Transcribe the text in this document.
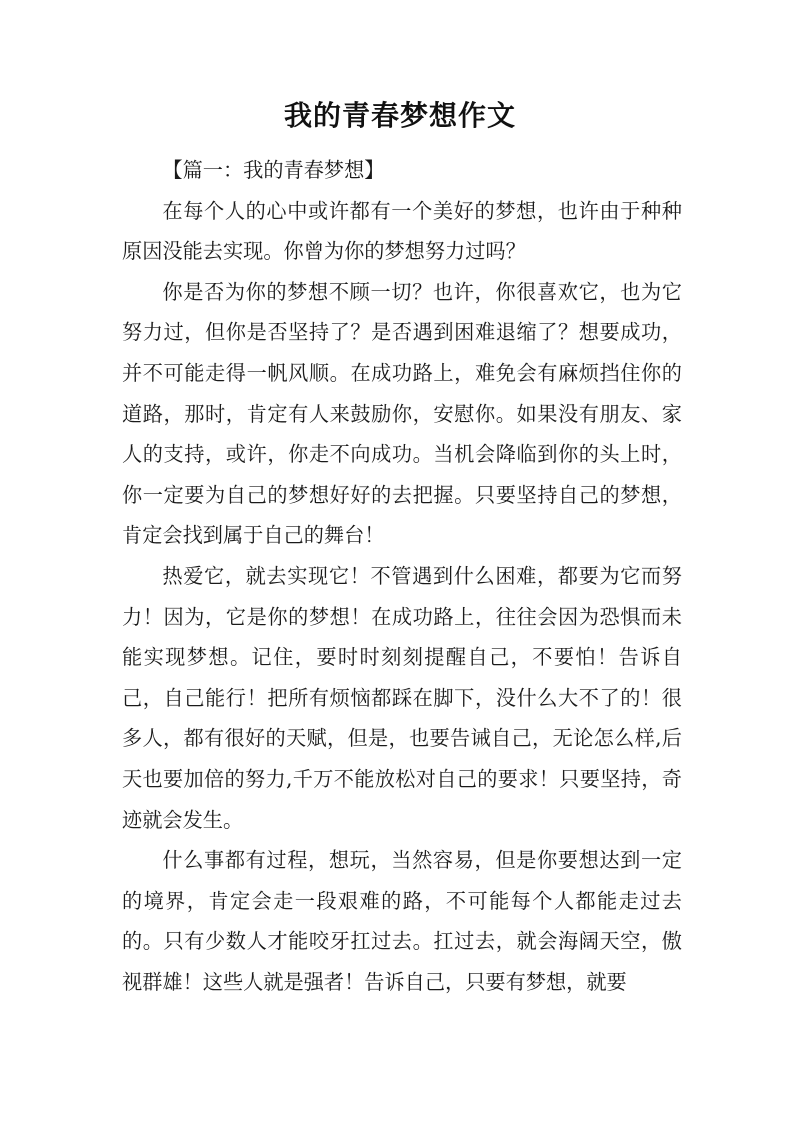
我的青春梦想作文

【篇一：我的青春梦想】

在每个人的心中或许都有一个美好的梦想，也许由于种种原因没能去实现。你曾为你的梦想努力过吗？

你是否为你的梦想不顾一切？也许，你很喜欢它，也为它努力过，但你是否坚持了？是否遇到困难退缩了？想要成功，并不可能走得一帆风顺。在成功路上，难免会有麻烦挡住你的道路，那时，肯定有人来鼓励你，安慰你。如果没有朋友、家人的支持，或许，你走不向成功。当机会降临到你的头上时，你一定要为自己的梦想好好的去把握。只要坚持自己的梦想，肯定会找到属于自己的舞台！

热爱它，就去实现它！不管遇到什么困难，都要为它而努力！因为，它是你的梦想！在成功路上，往往会因为恐惧而未能实现梦想。记住，要时时刻刻提醒自己，不要怕！告诉自己，自己能行！把所有烦恼都踩在脚下，没什么大不了的！很多人，都有很好的天赋，但是，也要告诫自己，无论怎么样,后天也要加倍的努力,千万不能放松对自己的要求！只要坚持，奇迹就会发生。

什么事都有过程，想玩，当然容易，但是你要想达到一定的境界，肯定会走一段艰难的路，不可能每个人都能走过去的。只有少数人才能咬牙扛过去。扛过去，就会海阔天空，傲视群雄！这些人就是强者！告诉自己，只要有梦想，就要
